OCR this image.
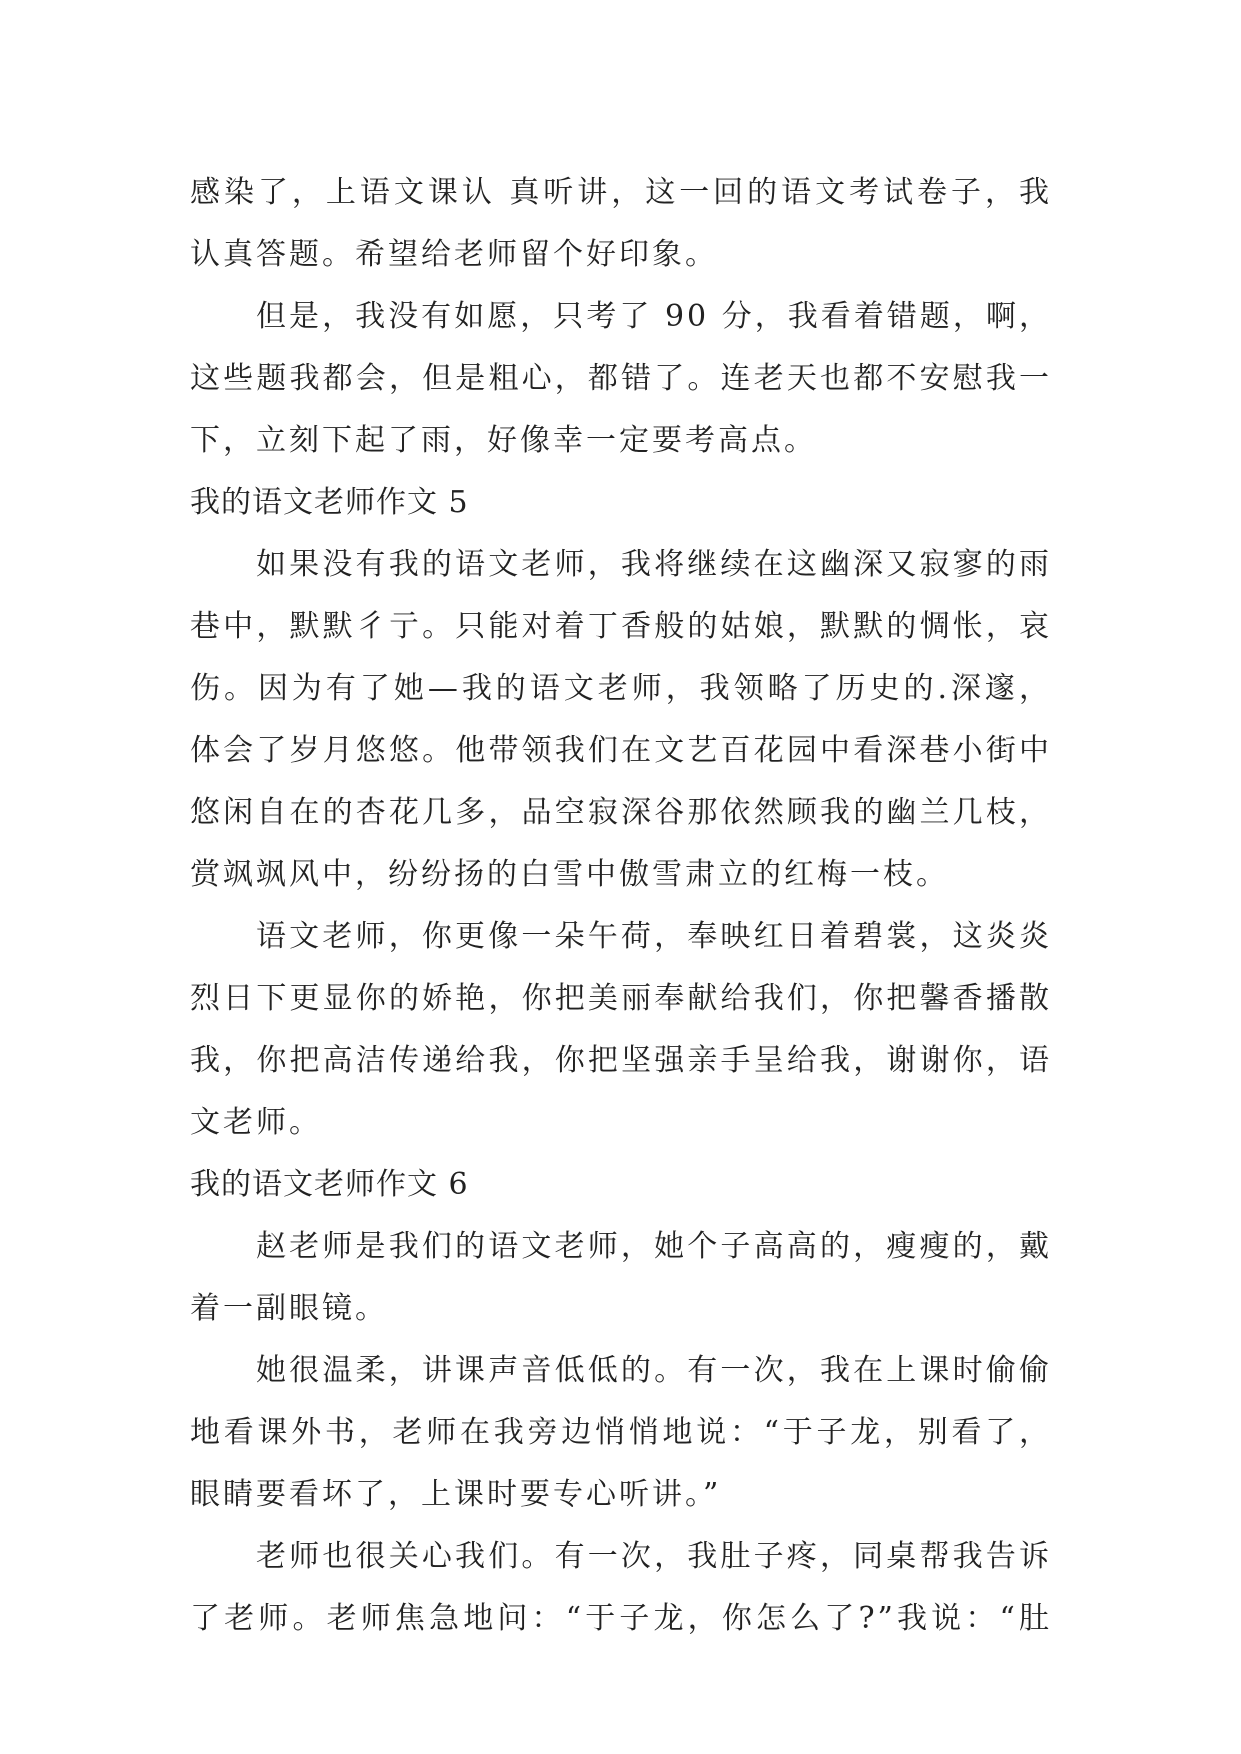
感染了，上语文课认 真听讲，这一回的语文考试卷子，我
认真答题。希望给老师留个好印象。
但是，我没有如愿，只考了 90 分，我看着错题，啊，
这些题我都会，但是粗心，都错了。连老天也都不安慰我一
下，立刻下起了雨，好像幸一定要考高点。
我的语文老师作文 5
如果没有我的语文老师，我将继续在这幽深又寂寥的雨
巷中，默默彳亍。只能对着丁香般的姑娘，默默的惆怅，哀
伤。因为有了她—我的语文老师，我领略了历史的.深邃，
体会了岁月悠悠。他带领我们在文艺百花园中看深巷小街中
悠闲自在的杏花几多，品空寂深谷那依然顾我的幽兰几枝，
赏飒飒风中，纷纷扬的白雪中傲雪肃立的红梅一枝。
语文老师，你更像一朵午荷，奉映红日着碧裳，这炎炎
烈日下更显你的娇艳，你把美丽奉献给我们，你把馨香播散
我，你把高洁传递给我，你把坚强亲手呈给我，谢谢你，语
文老师。
我的语文老师作文 6
赵老师是我们的语文老师，她个子高高的，瘦瘦的，戴
着一副眼镜。
她很温柔，讲课声音低低的。有一次，我在上课时偷偷
地看课外书，老师在我旁边悄悄地说：“于子龙，别看了，
眼睛要看坏了，上课时要专心听讲。”
老师也很关心我们。有一次，我肚子疼，同桌帮我告诉
了老师。老师焦急地问：“于子龙，你怎么了?”我说：“肚
